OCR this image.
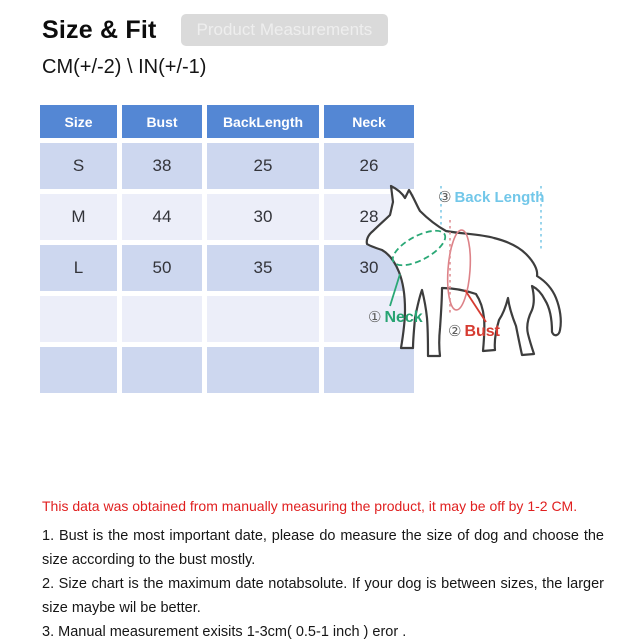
Size & Fit	Product Measurements
CM(+/-2) \ IN(+/-1)
Size	Bust	BackLength	Neck
S	38	25	26
M	44	30	28
L	50	35	30

③ Back Length
① Neck
② Bust

This data was obtained from manually measuring the product, it may be off by 1-2 CM.

1. Bust is the most important date, please do measure the size of dog and choose the size according to the bust mostly.

2. Size chart is the maximum date notabsolute. If your dog is between sizes, the larger size maybe wil be better.

3. Manual measurement exisits 1-3cm( 0.5-1 inch ) eror .
